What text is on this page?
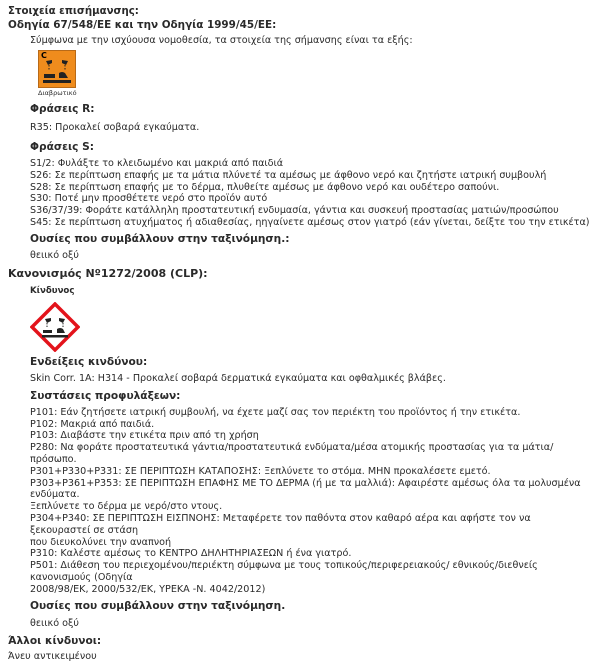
Στοιχεία επισήμανσης:

Οδηγία 67/548/ΕΕ και την Οδηγία 1999/45/ΕΕ:

Σύμφωνα με την ισχύουσα νομοθεσία, τα στοιχεία της σήμανσης είναι τα εξής:

C
Διαβρωτικό

Φράσεις R:

R35: Προκαλεί σοβαρά εγκαύματα.

Φράσεις S:

S1/2: Φυλάξτε το κλειδωμένο και μακριά από παιδιά

S26: Σε περίπτωση επαφής με τα μάτια πλύνετέ τα αμέσως με άφθονο νερό και ζητήστε ιατρική συμβουλή

S28: Σε περίπτωση επαφής με το δέρμα, πλυθείτε αμέσως με άφθονο νερό και ουδέτερο σαπούνι.

S30: Ποτέ μην προσθέτετε νερό στο προϊόν αυτό

S36/37/39: Φοράτε κατάλληλη προστατευτική ενδυμασία, γάντια και συσκευή προστασίας ματιών/προσώπου

S45: Σε περίπτωση ατυχήματος ή αδιαθεσίας, ηηγαίνετε αμέσως στον γιατρό (εάν γίνεται, δείξτε του την ετικέτα)

Ουσίες που συμβάλλουν στην ταξινόμηση.:

θειικό οξύ

Κανονισμός Νº1272/2008 (CLP):

Κίνδυνος

Ενδείξεις κινδύνου:

Skin Corr. 1A: H314 - Προκαλεί σοβαρά δερματικά εγκαύματα και οφθαλμικές βλάβες.

Συστάσεις προφυλάξεων:

P101: Εάν ζητήσετε ιατρική συμβουλή, να έχετε μαζί σας τον περιέκτη του προϊόντος ή την ετικέτα.

P102: Μακριά από παιδιά.

P103: Διαβάστε την ετικέτα πριν από τη χρήση

P280: Να φοράτε προστατευτικά γάντια/προστατευτικά ενδύματα/μέσα ατομικής προστασίας για τα μάτια/πρόσωπο.

P301+P330+P331: ΣΕ ΠΕΡΙΠΤΩΣΗ ΚΑΤΑΠΟΣΗΣ: Ξεπλύνετε το στόμα. ΜΗΝ προκαλέσετε εμετό.

P303+P361+P353: ΣΕ ΠΕΡΙΠΤΩΣΗ ΕΠΑΦΗΣ ΜΕ ΤΟ ΔΕΡΜΑ (ή με τα μαλλιά): Αφαιρέστε αμέσως όλα τα μολυσμένα ενδύματα.

Ξεπλύνετε το δέρμα με νερό/στο ντους.

P304+P340: ΣΕ ΠΕΡΙΠΤΩΣΗ ΕΙΣΠΝΟΗΣ: Μεταφέρετε τον παθόντα στον καθαρό αέρα και αφήστε τον να ξεκουραστεί σε στάση

που διευκολύνει την αναπνοή

P310: Καλέστε αμέσως το ΚΕΝΤΡΟ ΔΗΛΗΤΗΡΙΑΣΕΩΝ ή ένα γιατρό.

P501: Διάθεση του περιεχομένου/περιέκτη σύμφωνα με τους τοπικούς/περιφερειακούς/ εθνικούς/διεθνείς κανονισμούς (Οδηγία

2008/98/ΕΚ, 2000/532/ΕΚ, ΥΡΕΚΑ -Ν. 4042/2012)

Ουσίες που συμβάλλουν στην ταξινόμηση.

θειικό οξύ

Άλλοι κίνδυνοι:

Άνευ αντικειμένου
